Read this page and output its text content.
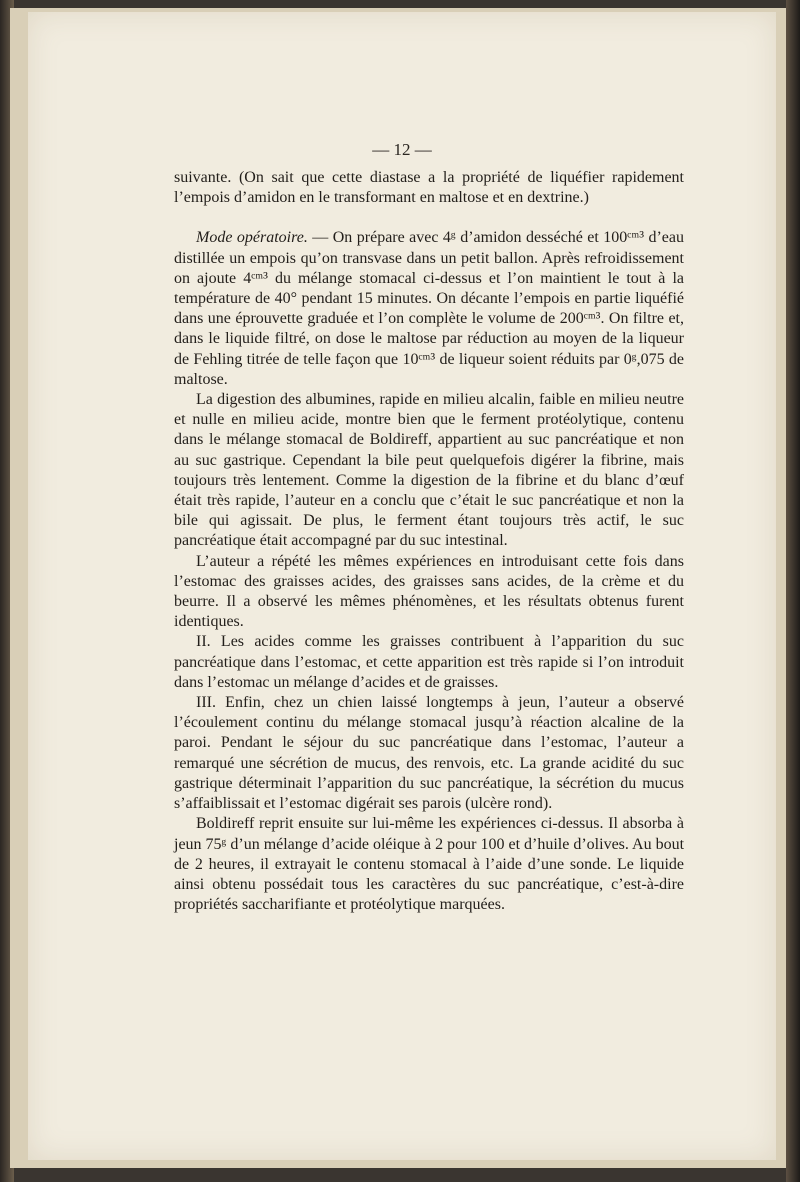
— 12 —

suivante. (On sait que cette diastase a la propriété de liquéfier rapidement l’empois d’amidon en le transformant en maltose et en dextrine.)

Mode opératoire. — On prépare avec 4ᵍ d’amidon desséché et 100ᶜᵐ³ d’eau distillée un empois qu’on transvase dans un petit ballon. Après refroidissement on ajoute 4ᶜᵐ³ du mélange stomacal ci-dessus et l’on maintient le tout à la température de 40° pendant 15 minutes. On décante l’empois en partie liquéfié dans une éprouvette graduée et l’on complète le volume de 200ᶜᵐ³. On filtre et, dans le liquide filtré, on dose le maltose par réduction au moyen de la liqueur de Fehling titrée de telle façon que 10ᶜᵐ³ de liqueur soient réduits par 0ᵍ,075 de maltose.

La digestion des albumines, rapide en milieu alcalin, faible en milieu neutre et nulle en milieu acide, montre bien que le ferment protéolytique, contenu dans le mélange stomacal de Boldireff, appartient au suc pancréatique et non au suc gastrique. Cependant la bile peut quelquefois digérer la fibrine, mais toujours très lentement. Comme la digestion de la fibrine et du blanc d’œuf était très rapide, l’auteur en a conclu que c’était le suc pancréatique et non la bile qui agissait. De plus, le ferment étant toujours très actif, le suc pancréatique était accompagné par du suc intestinal.

L’auteur a répété les mêmes expériences en introduisant cette fois dans l’estomac des graisses acides, des graisses sans acides, de la crème et du beurre. Il a observé les mêmes phénomènes, et les résultats obtenus furent identiques.

II. Les acides comme les graisses contribuent à l’apparition du suc pancréatique dans l’estomac, et cette apparition est très rapide si l’on introduit dans l’estomac un mélange d’acides et de graisses.

III. Enfin, chez un chien laissé longtemps à jeun, l’auteur a observé l’écoulement continu du mélange stomacal jusqu’à réaction alcaline de la paroi. Pendant le séjour du suc pancréatique dans l’estomac, l’auteur a remarqué une sécrétion de mucus, des renvois, etc. La grande acidité du suc gastrique déterminait l’apparition du suc pancréatique, la sécrétion du mucus s’affaiblissait et l’estomac digérait ses parois (ulcère rond).

Boldireff reprit ensuite sur lui-même les expériences ci-dessus. Il absorba à jeun 75ᵍ d’un mélange d’acide oléique à 2 pour 100 et d’huile d’olives. Au bout de 2 heures, il extrayait le contenu stomacal à l’aide d’une sonde. Le liquide ainsi obtenu possédait tous les caractères du suc pancréatique, c’est-à-dire propriétés saccharifiante et protéolytique marquées.
